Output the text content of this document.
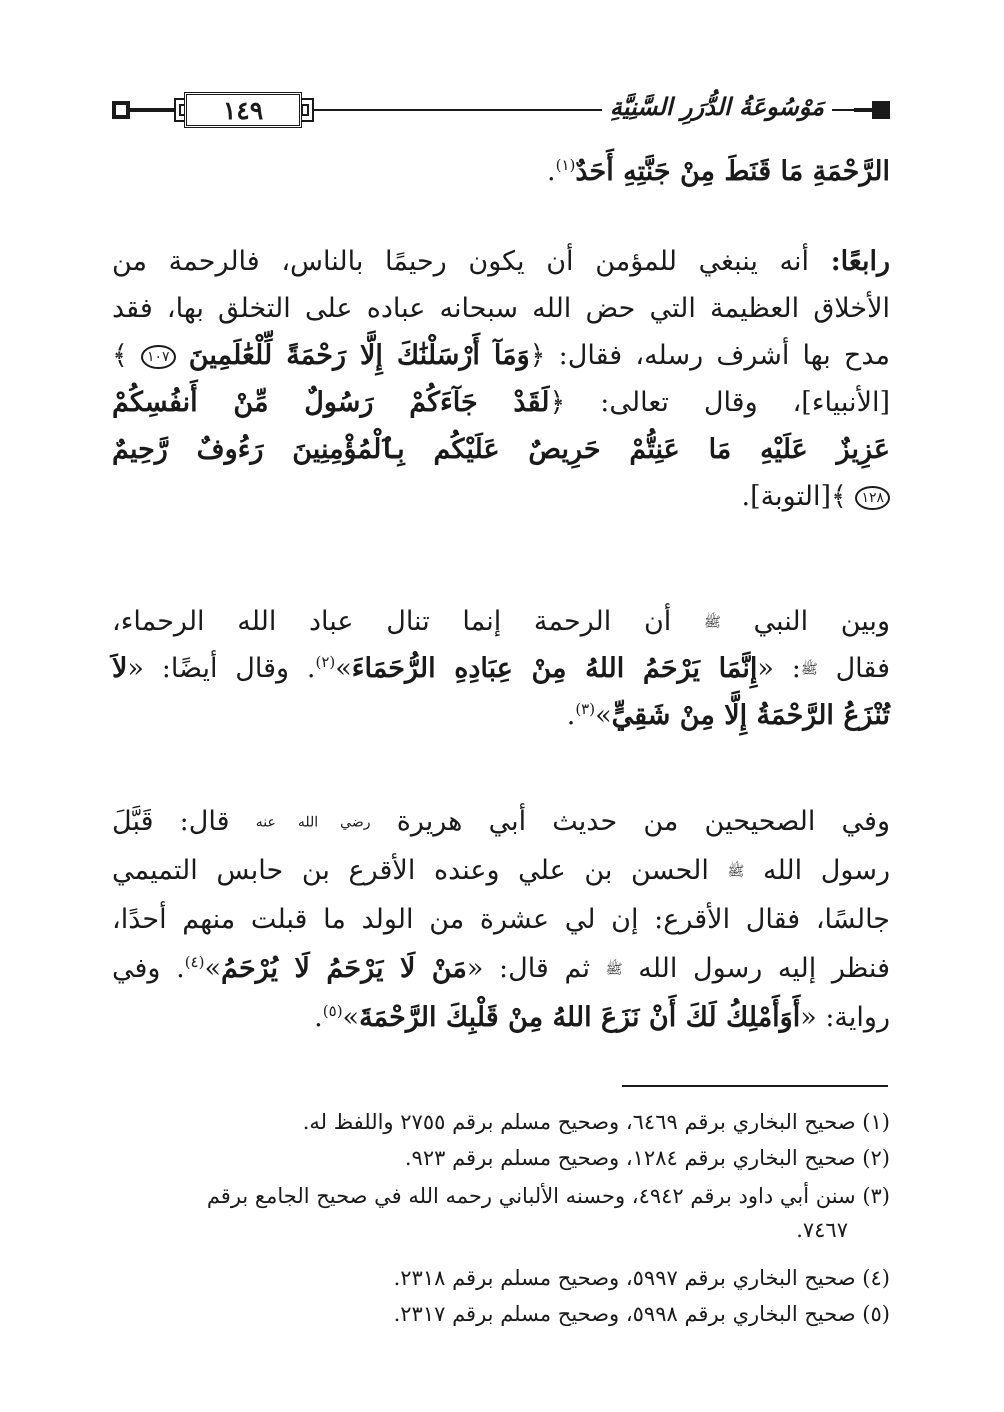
١٤٩	مَوْسُوعَةُ الدُّرَرِ السَّنِيَّةِ
الرَّحْمَةِ مَا قَنَطَ مِنْ جَنَّتِهِ أَحَدٌ$^{(١)}$.
رابعًا: أنه ينبغي للمؤمن أن يكون رحيمًا بالناس، فالرحمة من
الأخلاق العظيمة التي حض الله سبحانه عباده على التخلق بها، فقد
مدح بها أشرف رسله، فقال: ﴿وَمَآ أَرْسَلْنَٰكَ إِلَّا رَحْمَةً لِّلْعَٰلَمِينَ ١٠٧ ﴾
[الأنبياء]، وقال تعالى: ﴿لَقَدْ جَآءَكُمْ رَسُولٌ مِّنْ أَنفُسِكُمْ
عَزِيزٌ عَلَيْهِ مَا عَنِتُّمْ حَرِيصٌ عَلَيْكُم بِٱلْمُؤْمِنِينَ رَءُوفٌ رَّحِيمٌ
١٢٨ ﴾[التوبة].
وبين النبي ﷺ أن الرحمة إنما تنال عباد الله الرحماء،
فقال ﷺ: «إِنَّمَا يَرْحَمُ اللهُ مِنْ عِبَادِهِ الرُّحَمَاءَ»$^{(٢)}$. وقال أيضًا: «لاَ
تُنْزَعُ الرَّحْمَةُ إِلَّا مِنْ شَقِيٍّ»$^{(٣)}$.
وفي الصحيحين من حديث أبي هريرة رضي الله عنه قال: قَبَّلَ
رسول الله ﷺ الحسن بن علي وعنده الأقرع بن حابس التميمي
جالسًا، فقال الأقرع: إن لي عشرة من الولد ما قبلت منهم أحدًا،
فنظر إليه رسول الله ﷺ ثم قال: «مَنْ لَا يَرْحَمُ لَا يُرْحَمُ»$^{(٤)}$. وفي
رواية: «أَوَأَمْلِكُ لَكَ أَنْ نَزَعَ اللهُ مِنْ قَلْبِكَ الرَّحْمَةَ»$^{(٥)}$.
(١) صحيح البخاري برقم ٦٤٦٩، وصحيح مسلم برقم ٢٧٥٥ واللفظ له.
(٢) صحيح البخاري برقم ١٢٨٤، وصحيح مسلم برقم ٩٢٣.
(٣) سنن أبي داود برقم ٤٩٤٢، وحسنه الألباني رحمه الله في صحيح الجامع برقم
٧٤٦٧.
(٤) صحيح البخاري برقم ٥٩٩٧، وصحيح مسلم برقم ٢٣١٨.
(٥) صحيح البخاري برقم ٥٩٩٨، وصحيح مسلم برقم ٢٣١٧.
